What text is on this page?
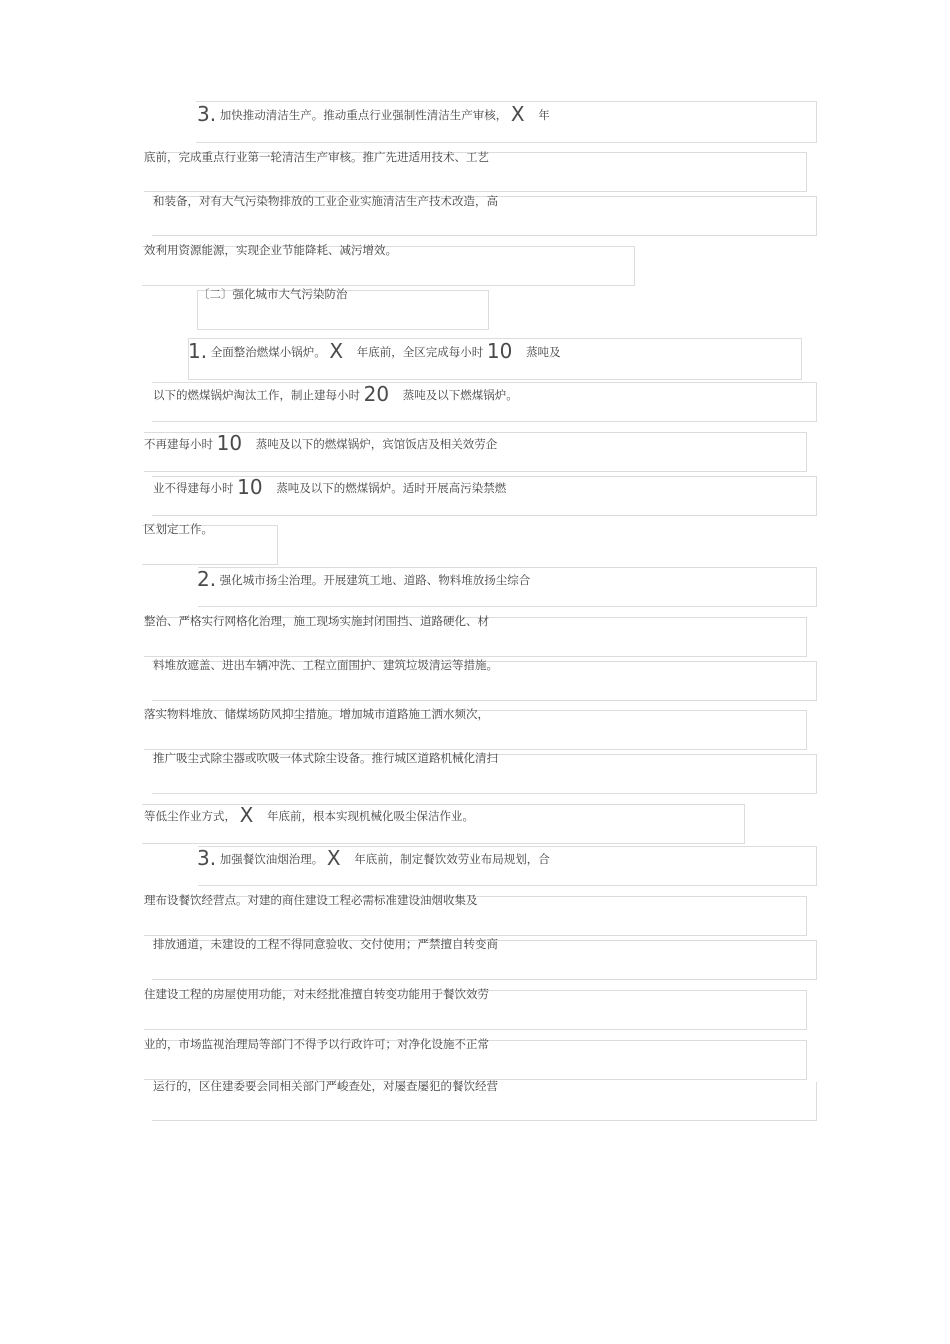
3. 加快推动清洁生产。推动重点行业强制性清洁生产审核， X 年
底前，完成重点行业第一轮清洁生产审核。推广先进适用技术、工艺
和装备，对有大气污染物排放的工业企业实施清洁生产技术改造，高
效利用资源能源，实现企业节能降耗、减污增效。
〔二〕强化城市大气污染防治
1. 全面整治燃煤小锅炉。 X 年底前，全区完成每小时 10 蒸吨及
以下的燃煤锅炉淘汰工作，制止建每小时 20 蒸吨及以下燃煤锅炉。
不再建每小时 10 蒸吨及以下的燃煤锅炉，宾馆饭店及相关效劳企
业不得建每小时 10 蒸吨及以下的燃煤锅炉。适时开展高污染禁燃
区划定工作。
2. 强化城市扬尘治理。开展建筑工地、道路、物料堆放扬尘综合
整治、严格实行网格化治理，施工现场实施封闭围挡、道路硬化、材
料堆放遮盖、进出车辆冲洗、工程立面围护、建筑垃圾清运等措施。
落实物料堆放、储煤场防风抑尘措施。增加城市道路施工洒水频次，
推广吸尘式除尘器或吹吸一体式除尘设备。推行城区道路机械化清扫
等低尘作业方式， X 年底前，根本实现机械化吸尘保洁作业。
3. 加强餐饮油烟治理。 X 年底前，制定餐饮效劳业布局规划，合
理布设餐饮经营点。对建的商住建设工程必需标准建设油烟收集及
排放通道，未建设的工程不得同意验收、交付使用；严禁擅自转变商
住建设工程的房屋使用功能，对未经批准擅自转变功能用于餐饮效劳
业的，市场监视治理局等部门不得予以行政许可；对净化设施不正常
运行的，区住建委要会同相关部门严峻查处，对屡查屡犯的餐饮经营
